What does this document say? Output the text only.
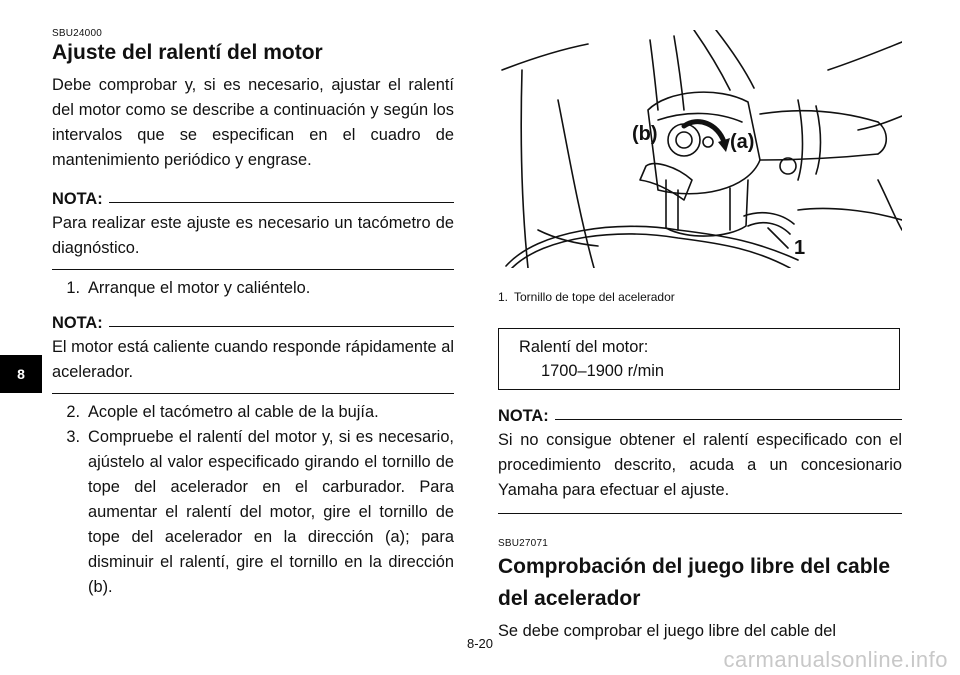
8
SBU24000
Ajuste del ralentí del motor

Debe comprobar y, si es necesario, ajustar el ralentí del motor como se describe a continuación y según los intervalos que se especifican en el cuadro de mantenimiento periódico y engrase.

NOTA:

Para realizar este ajuste es necesario un tacómetro de diagnóstico.

1. Arranque el motor y caliéntelo.
NOTA:

El motor está caliente cuando responde rápidamente al acelerador.

2. Acople el tacómetro al cable de la bujía.
3. Compruebe el ralentí del motor y, si es necesario, ajústelo al valor especificado girando el tornillo de tope del acelerador en el carburador. Para aumentar el ralentí del motor, gire el tornillo de tope del acelerador en la dirección (a); para disminuir el ralentí, gire el tornillo en la dirección (b).
(b)	(a)
1
1. Tornillo de tope del acelerador
Ralentí del motor:
1700–1900 r/min
NOTA:

Si no consigue obtener el ralentí especificado con el procedimiento descrito, acuda a un concesionario Yamaha para efectuar el ajuste.

SBU27071
Comprobación del juego libre del cable del acelerador

Se debe comprobar el juego libre del cable del

8-20
carmanualsonline.info
